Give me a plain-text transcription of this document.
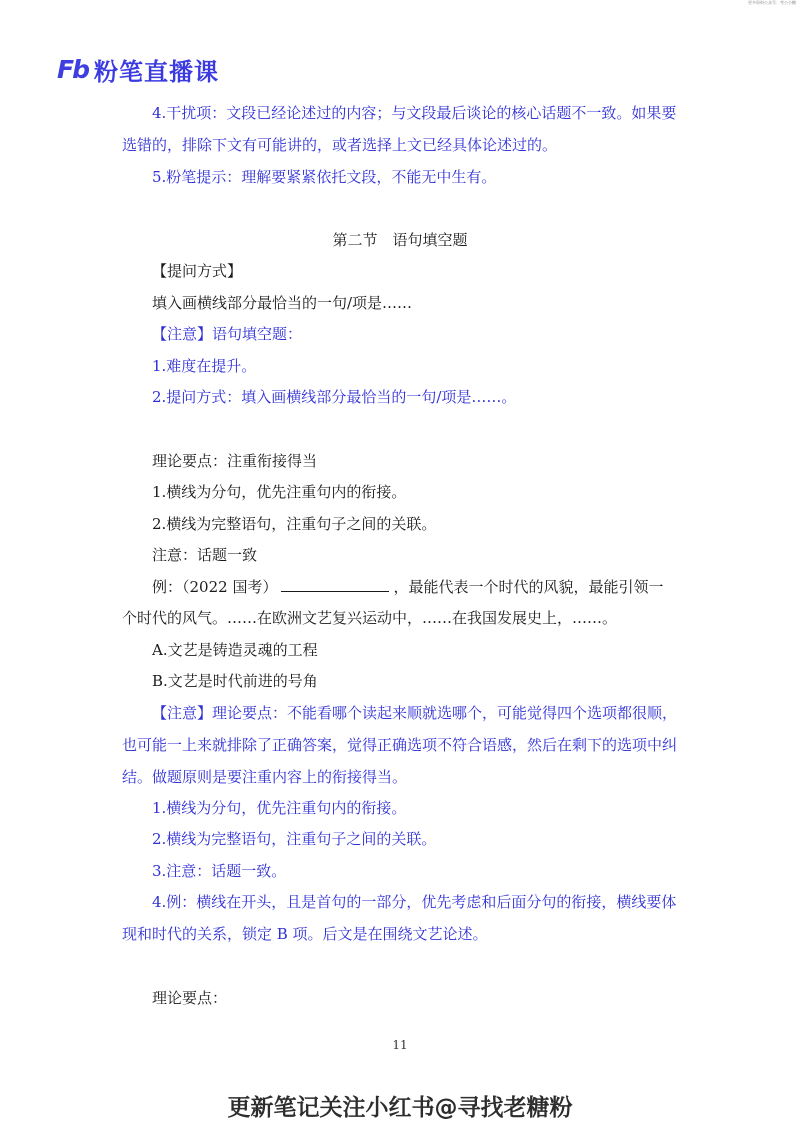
更多资料公众号：考公小糖
Fb 粉笔直播课

4.干扰项：文段已经论述过的内容；与文段最后谈论的核心话题不一致。如果要选错的，排除下文有可能讲的，或者选择上文已经具体论述过的。

5.粉笔提示：理解要紧紧依托文段，不能无中生有。
第二节　语句填空题
【提问方式】
填入画横线部分最恰当的一句/项是……
【注意】语句填空题：
1.难度在提升。
2.提问方式：填入画横线部分最恰当的一句/项是……。
理论要点：注重衔接得当
1.横线为分句，优先注重句内的衔接。
2.横线为完整语句，注重句子之间的关联。
注意：话题一致
例：（2022 国考）	，最能代表一个时代的风貌，最能引领一
个时代的风气。……在欧洲文艺复兴运动中，……在我国发展史上，……。
A.文艺是铸造灵魂的工程
B.文艺是时代前进的号角

【注意】理论要点：不能看哪个读起来顺就选哪个，可能觉得四个选项都很顺，也可能一上来就排除了正确答案，觉得正确选项不符合语感，然后在剩下的选项中纠结。做题原则是要注重内容上的衔接得当。

1.横线为分句，优先注重句内的衔接。
2.横线为完整语句，注重句子之间的关联。
3.注意：话题一致。

4.例：横线在开头，且是首句的一部分，优先考虑和后面分句的衔接，横线要体现和时代的关系，锁定 B 项。后文是在围绕文艺论述。

理论要点：
11
更新笔记关注小红书@寻找老糖粉
